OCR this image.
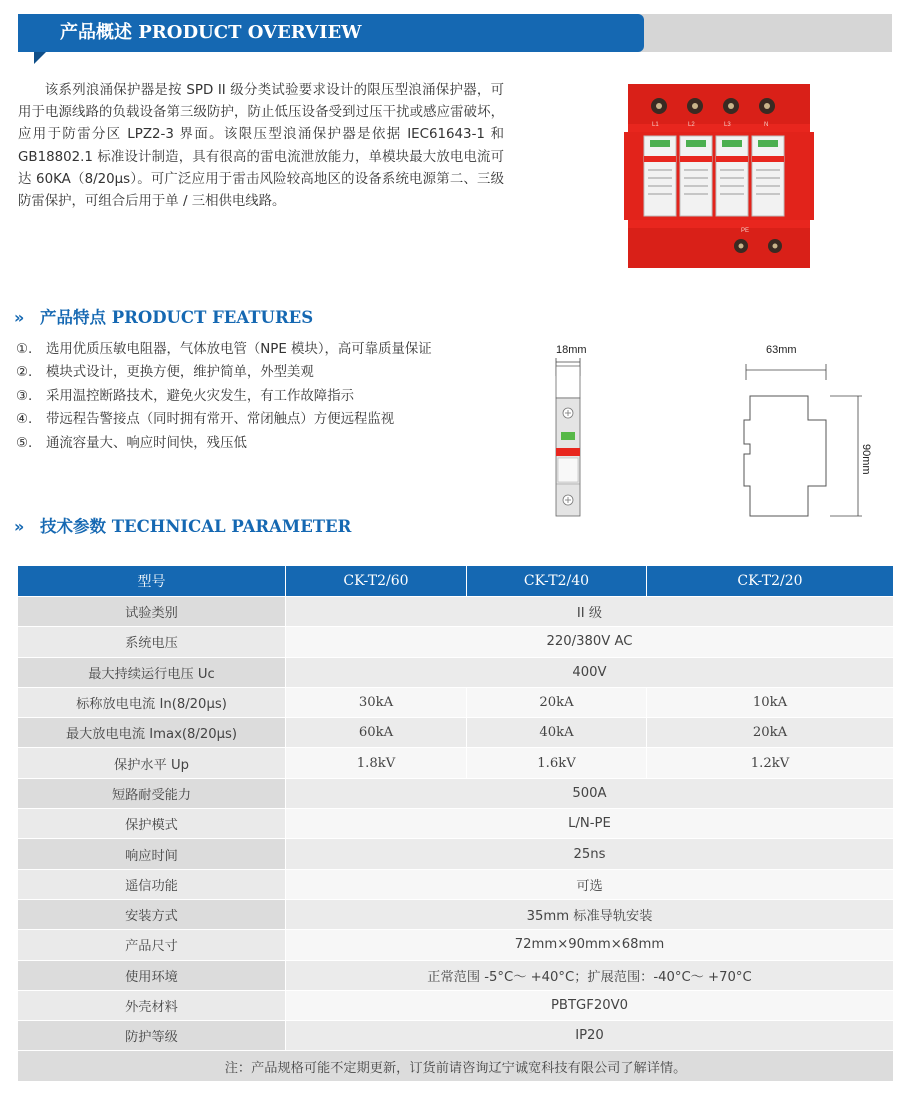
产品概述 PRODUCT OVERVIEW
该系列浪涌保护器是按 SPD II 级分类试验要求设计的限压型浪涌保护器，可用于电源线路的负载设备第三级防护，防止低压设备受到过压干扰或感应雷破坏，应用于防雷分区 LPZ2-3 界面。该限压型浪涌保护器是依据 IEC61643-1 和 GB18802.1 标准设计制造，具有很高的雷电流泄放能力，单模块最大放电电流可达 60KA（8/20μs）。可广泛应用于雷击风险较高地区的设备系统电源第二、三级防雷保护，可组合后用于单 / 三相供电线路。
L1	L2	L3	N
PE
» 产品特点 PRODUCT FEATURES
①. 选用优质压敏电阻器，气体放电管（NPE 模块），高可靠质量保证
②. 模块式设计，更换方便，维护简单，外型美观
③. 采用温控断路技术，避免火灾发生，有工作故障指示
④. 带远程告警接点（同时拥有常开、常闭触点）方便远程监视
⑤. 通流容量大、响应时间快，残压低
18mm	63mm
90mm
» 技术参数 TECHNICAL PARAMETER
型号	CK-T2/60	CK-T2/40	CK-T2/20
试验类别	II 级		
系统电压	220/380V AC		
最大持续运行电压 Uc	400V		
标称放电电流 In(8/20μs)	30kA	20kA	10kA
最大放电电流 Imax(8/20μs)	60kA	40kA	20kA
保护水平 Up	1.8kV	1.6kV	1.2kV
短路耐受能力	500A		
保护模式	L/N-PE		
响应时间	25ns		
遥信功能	可选		
安装方式	35mm 标准导轨安装		
产品尺寸	72mm×90mm×68mm		
使用环境	正常范围 -5°C～ +40°C；扩展范围：-40°C～ +70°C		
外壳材料	PBTGF20V0		
防护等级	IP20		
注：产品规格可能不定期更新，订货前请咨询辽宁诚宽科技有限公司了解详情。			
